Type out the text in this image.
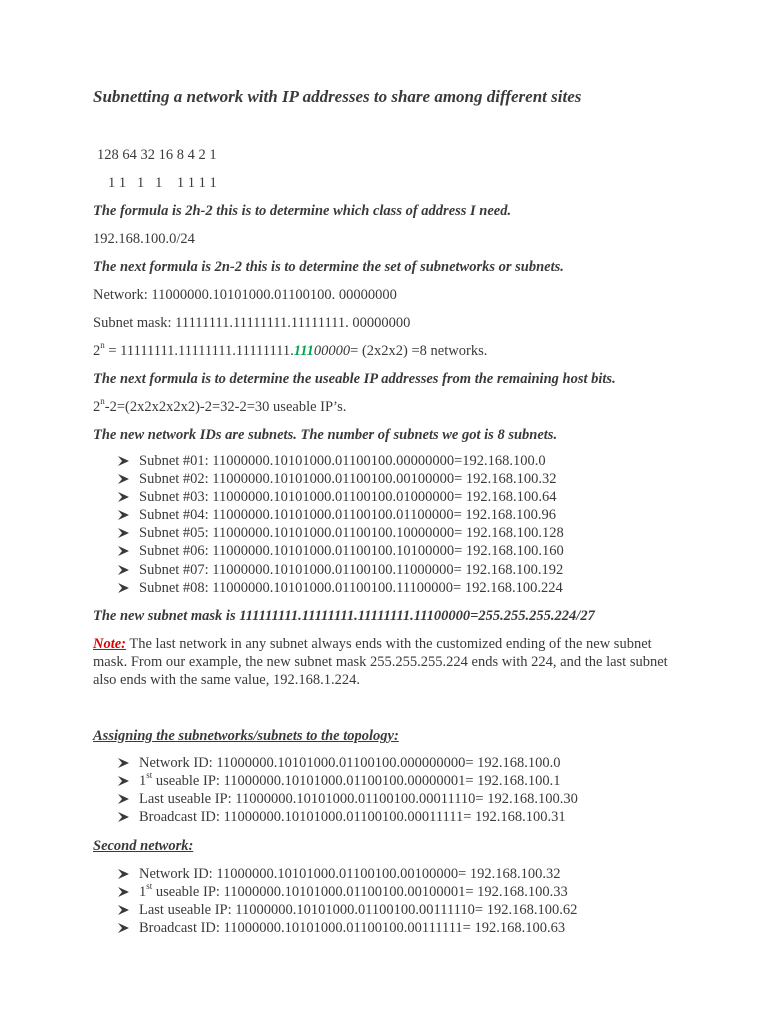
Subnetting a network with IP addresses to share among different sites
128 64 32 16 8 4 2 1
1 1   1   1    1 1 1 1
The formula is 2h-2 this is to determine which class of address I need.
192.168.100.0/24
The next formula is 2n-2 this is to determine the set of subnetworks or subnets.
Network: 11000000.10101000.01100100. 00000000
Subnet mask: 11111111.11111111.11111111. 00000000
$2^n = 11111111.11111111.11111111.11100000= (2x2x2) =8$ networks.
The next formula is to determine the useable IP addresses from the remaining host bits.
$2^n-2=(2x2x2x2x2)-2=32-2=30$ useable IP’s.
The new network IDs are subnets. The number of subnets we got is 8 subnets.
Subnet #01: 11000000.10101000.01100100.00000000=192.168.100.0
Subnet #02: 11000000.10101000.01100100.00100000= 192.168.100.32
Subnet #03: 11000000.10101000.01100100.01000000= 192.168.100.64
Subnet #04: 11000000.10101000.01100100.01100000= 192.168.100.96
Subnet #05: 11000000.10101000.01100100.10000000= 192.168.100.128
Subnet #06: 11000000.10101000.01100100.10100000= 192.168.100.160
Subnet #07: 11000000.10101000.01100100.11000000= 192.168.100.192
Subnet #08: 11000000.10101000.01100100.11100000= 192.168.100.224
The new subnet mask is 111111111.11111111.11111111.11100000=255.255.255.224/27
Note: The last network in any subnet always ends with the customized ending of the new subnet mask. From our example, the new subnet mask 255.255.255.224 ends with 224, and the last subnet also ends with the same value, 192.168.1.224.
Assigning the subnetworks/subnets to the topology:
Network ID: 11000000.10101000.01100100.000000000= 192.168.100.0
1st useable IP: 11000000.10101000.01100100.00000001= 192.168.100.1
Last useable IP: 11000000.10101000.01100100.00011110= 192.168.100.30
Broadcast ID: 11000000.10101000.01100100.00011111= 192.168.100.31
Second network:
Network ID: 11000000.10101000.01100100.00100000= 192.168.100.32
1st useable IP: 11000000.10101000.01100100.00100001= 192.168.100.33
Last useable IP: 11000000.10101000.01100100.00111110= 192.168.100.62
Broadcast ID: 11000000.10101000.01100100.00111111= 192.168.100.63
